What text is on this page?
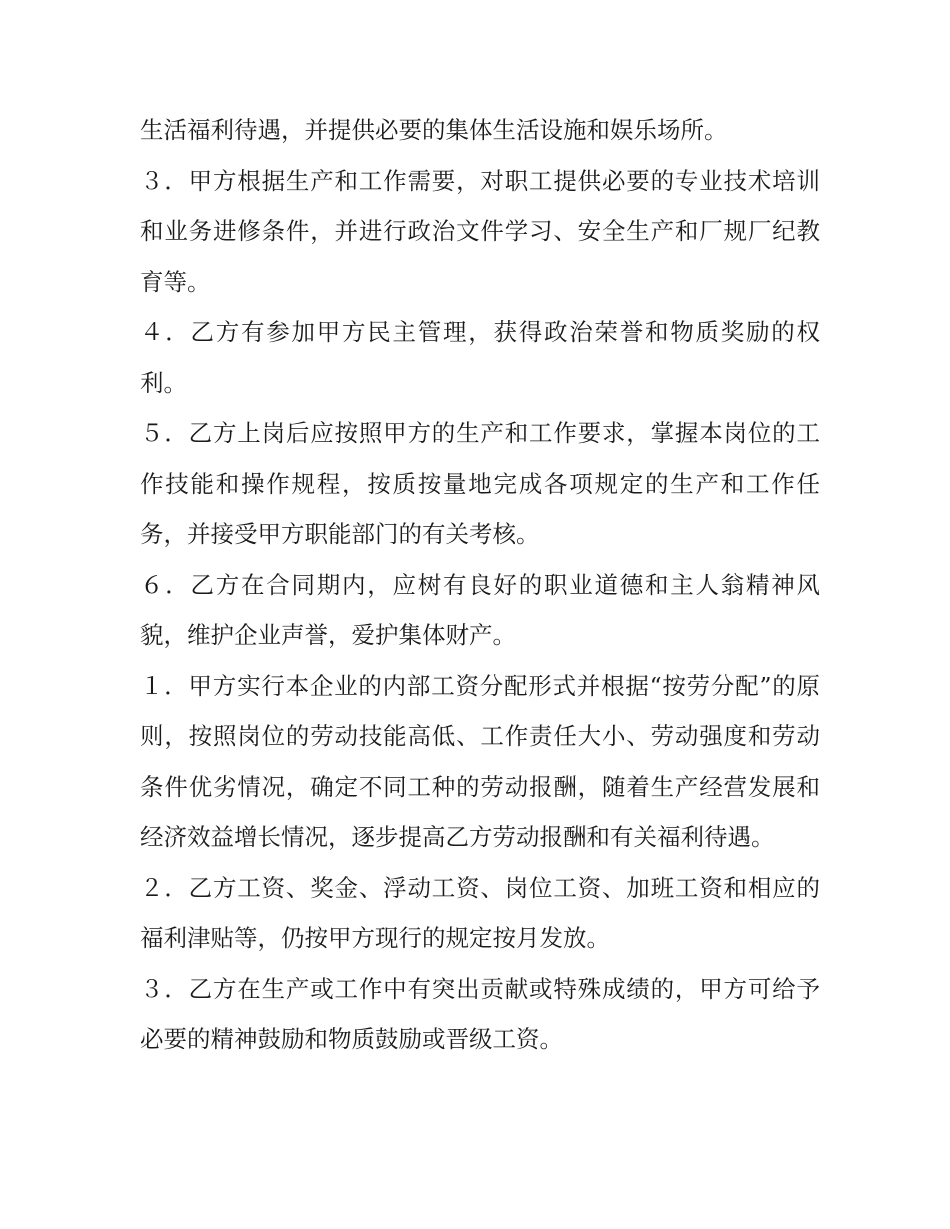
生活福利待遇，并提供必要的集体生活设施和娱乐场所。

３．甲方根据生产和工作需要，对职工提供必要的专业技术培训和业务进修条件，并进行政治文件学习、安全生产和厂规厂纪教育等。

４．乙方有参加甲方民主管理，获得政治荣誉和物质奖励的权利。

５．乙方上岗后应按照甲方的生产和工作要求，掌握本岗位的工作技能和操作规程，按质按量地完成各项规定的生产和工作任务，并接受甲方职能部门的有关考核。

６．乙方在合同期内，应树有良好的职业道德和主人翁精神风貌，维护企业声誉，爱护集体财产。

１．甲方实行本企业的内部工资分配形式并根据“按劳分配”的原则，按照岗位的劳动技能高低、工作责任大小、劳动强度和劳动条件优劣情况，确定不同工种的劳动报酬，随着生产经营发展和经济效益增长情况，逐步提高乙方劳动报酬和有关福利待遇。

２．乙方工资、奖金、浮动工资、岗位工资、加班工资和相应的福利津贴等，仍按甲方现行的规定按月发放。

３．乙方在生产或工作中有突出贡献或特殊成绩的，甲方可给予必要的精神鼓励和物质鼓励或晋级工资。
